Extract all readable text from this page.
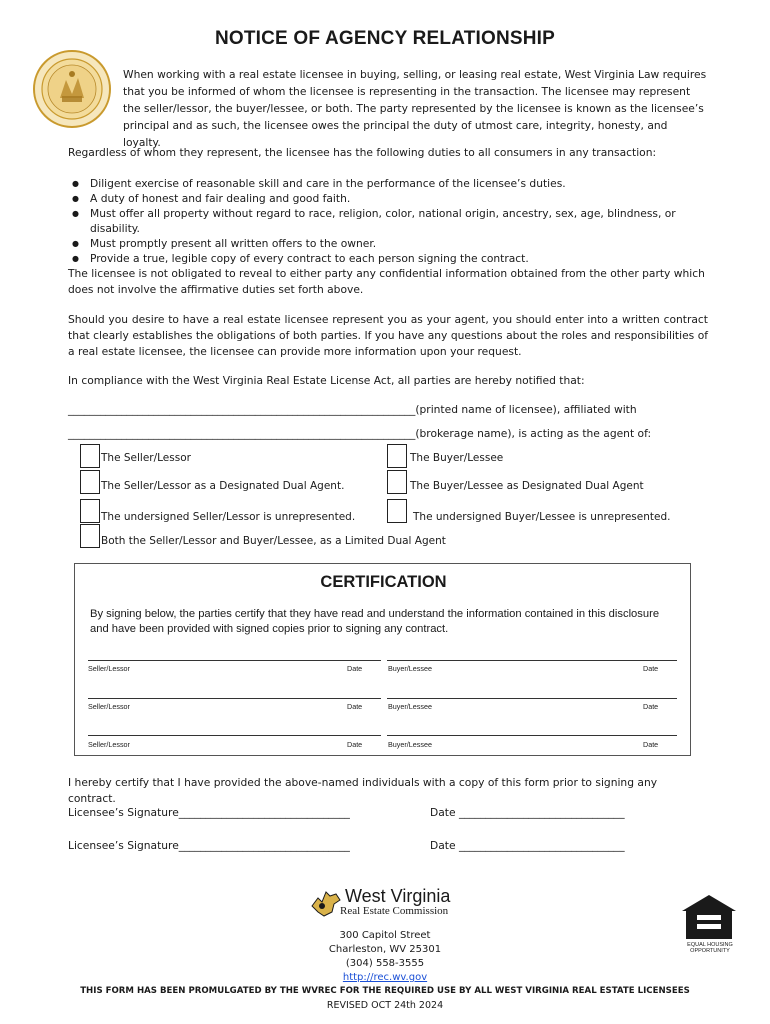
NOTICE OF AGENCY RELATIONSHIP
When working with a real estate licensee in buying, selling, or leasing real estate, West Virginia Law requires that you be informed of whom the licensee is representing in the transaction. The licensee may represent the seller/lessor, the buyer/lessee, or both. The party represented by the licensee is known as the licensee’s principal and as such, the licensee owes the principal the duty of utmost care, integrity, honesty, and loyalty.
Regardless of whom they represent, the licensee has the following duties to all consumers in any transaction:
● Diligent exercise of reasonable skill and care in the performance of the licensee’s duties.
● A duty of honest and fair dealing and good faith.
● Must offer all property without regard to race, religion, color, national origin, ancestry, sex, age, blindness, or disability.
● Must promptly present all written offers to the owner.
● Provide a true, legible copy of every contract to each person signing the contract.
The licensee is not obligated to reveal to either party any confidential information obtained from the other party which does not involve the affirmative duties set forth above.
Should you desire to have a real estate licensee represent you as your agent, you should enter into a written contract that clearly establishes the obligations of both parties. If you have any questions about the roles and responsibilities of a real estate licensee, the licensee can provide more information upon your request.
In compliance with the West Virginia Real Estate License Act, all parties are hereby notified that:
_________________________________________________________________(printed name of licensee), affiliated with
_________________________________________________________________(brokerage name), is acting as the agent of:
The Seller/Lessor	The Buyer/Lessee
The Seller/Lessor as a Designated Dual Agent.	The Buyer/Lessee as Designated Dual Agent
The undersigned Seller/Lessor is unrepresented.	The undersigned Buyer/Lessee is unrepresented.
Both the Seller/Lessor and Buyer/Lessee, as a Limited Dual Agent
CERTIFICATION
By signing below, the parties certify that they have read and understand the information contained in this disclosure and have been provided with signed copies prior to signing any contract.
Seller/Lessor	Date	Buyer/Lessee	Date
Seller/Lessor	Date	Buyer/Lessee	Date
Seller/Lessor	Date	Buyer/Lessee	Date
I hereby certify that I have provided the above-named individuals with a copy of this form prior to signing any contract.
Licensee’s Signature________________________________	Date _______________________________
Licensee’s Signature________________________________	Date _______________________________
West Virginia
Real Estate Commission
300 Capitol Street
Charleston, WV 25301
(304) 558-3555
http://rec.wv.gov
EQUAL HOUSING OPPORTUNITY
THIS FORM HAS BEEN PROMULGATED BY THE WVREC FOR THE REQUIRED USE BY ALL WEST VIRGINIA REAL ESTATE LICENSEES
REVISED OCT 24th 2024
